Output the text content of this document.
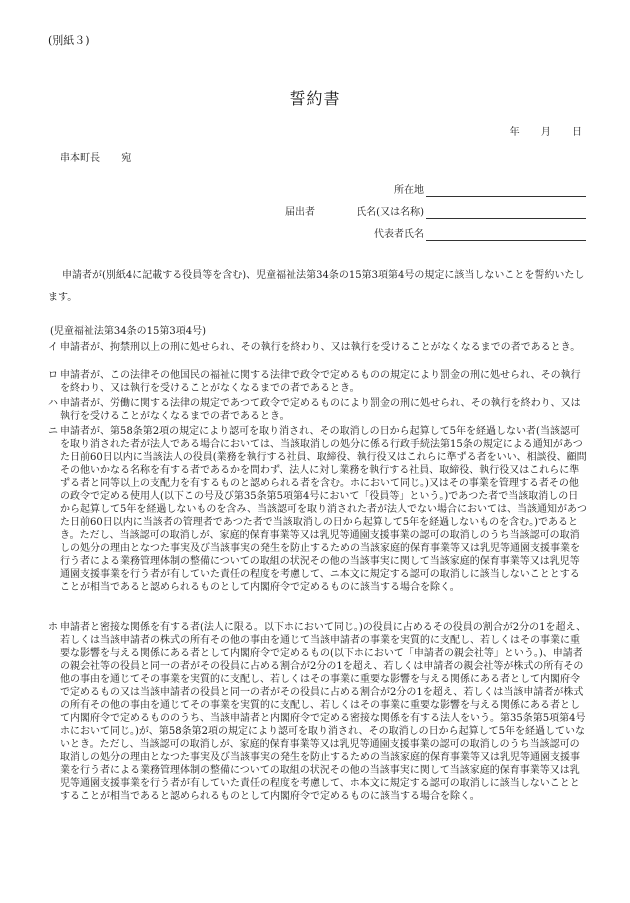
(別紙３)
誓約書
年 月 日
串本町長 宛
届出者
所在地
氏名(又は名称)
代表者氏名
申請者が(別紙4に記載する役員等を含む)、児童福祉法第34条の15第3項第4号の規定に該当しないことを誓約いたします。
(児童福祉法第34条の15第3項4号)
イ 申請者が、拘禁刑以上の刑に処せられ、その執行を終わり、又は執行を受けることがなくなるまでの者であるとき。
ロ 申請者が、この法律その他国民の福祉に関する法律で政令で定めるものの規定により罰金の刑に処せられ、その執行を終わり、又は執行を受けることがなくなるまでの者であるとき。
ハ 申請者が、労働に関する法律の規定であつて政令で定めるものにより罰金の刑に処せられ、その執行を終わり、又は執行を受けることがなくなるまでの者であるとき。
ニ 申請者が、第58条第2項の規定により認可を取り消され、その取消しの日から起算して5年を経過しない者(当該認可を取り消された者が法人である場合においては、当該取消しの処分に係る行政手続法第15条の規定による通知があつた日前60日以内に当該法人の役員(業務を執行する社員、取締役、執行役又はこれらに準ずる者をいい、相談役、顧問その他いかなる名称を有する者であるかを問わず、法人に対し業務を執行する社員、取締役、執行役又はこれらに準ずる者と同等以上の支配力を有するものと認められる者を含む。ホにおいて同じ。)又はその事業を管理する者その他の政令で定める使用人(以下この号及び第35条第5項第4号において「役員等」という。)であつた者で当該取消しの日から起算して5年を経過しないものを含み、当該認可を取り消された者が法人でない場合においては、当該通知があつた日前60日以内に当該者の管理者であつた者で当該取消しの日から起算して5年を経過しないものを含む。)であるとき。ただし、当該認可の取消しが、家庭的保育事業等又は乳児等通園支援事業の認可の取消しのうち当該認可の取消しの処分の理由となつた事実及び当該事実の発生を防止するための当該家庭的保育事業等又は乳児等通園支援事業を行う者による業務管理体制の整備についての取組の状況その他の当該事実に関して当該家庭的保育事業等又は乳児等通園支援事業を行う者が有していた責任の程度を考慮して、ニ本文に規定する認可の取消しに該当しないこととすることが相当であると認められるものとして内閣府令で定めるものに該当する場合を除く。
ホ 申請者と密接な関係を有する者(法人に限る。以下ホにおいて同じ。)の役員に占めるその役員の割合が2分の1を超え、若しくは当該申請者の株式の所有その他の事由を通じて当該申請者の事業を実質的に支配し、若しくはその事業に重要な影響を与える関係にある者として内閣府令で定めるもの(以下ホにおいて「申請者の親会社等」という。)、申請者の親会社等の役員と同一の者がその役員に占める割合が2分の1を超え、若しくは申請者の親会社等が株式の所有その他の事由を通じてその事業を実質的に支配し、若しくはその事業に重要な影響を与える関係にある者として内閣府令で定めるもの又は当該申請者の役員と同一の者がその役員に占める割合が2分の1を超え、若しくは当該申請者が株式の所有その他の事由を通じてその事業を実質的に支配し、若しくはその事業に重要な影響を与える関係にある者として内閣府令で定めるもののうち、当該申請者と内閣府令で定める密接な関係を有する法人をいう。第35条第5項第4号ホにおいて同じ。)が、第58条第2項の規定により認可を取り消され、その取消しの日から起算して5年を経過していないとき。ただし、当該認可の取消しが、家庭的保育事業等又は乳児等通園支援事業の認可の取消しのうち当該認可の取消しの処分の理由となつた事実及び当該事実の発生を防止するための当該家庭的保育事業等又は乳児等通園支援事業を行う者による業務管理体制の整備についての取組の状況その他の当該事実に関して当該家庭的保育事業等又は乳児等通園支援事業を行う者が有していた責任の程度を考慮して、ホ本文に規定する認可の取消しに該当しないこととすることが相当であると認められるものとして内閣府令で定めるものに該当する場合を除く。
